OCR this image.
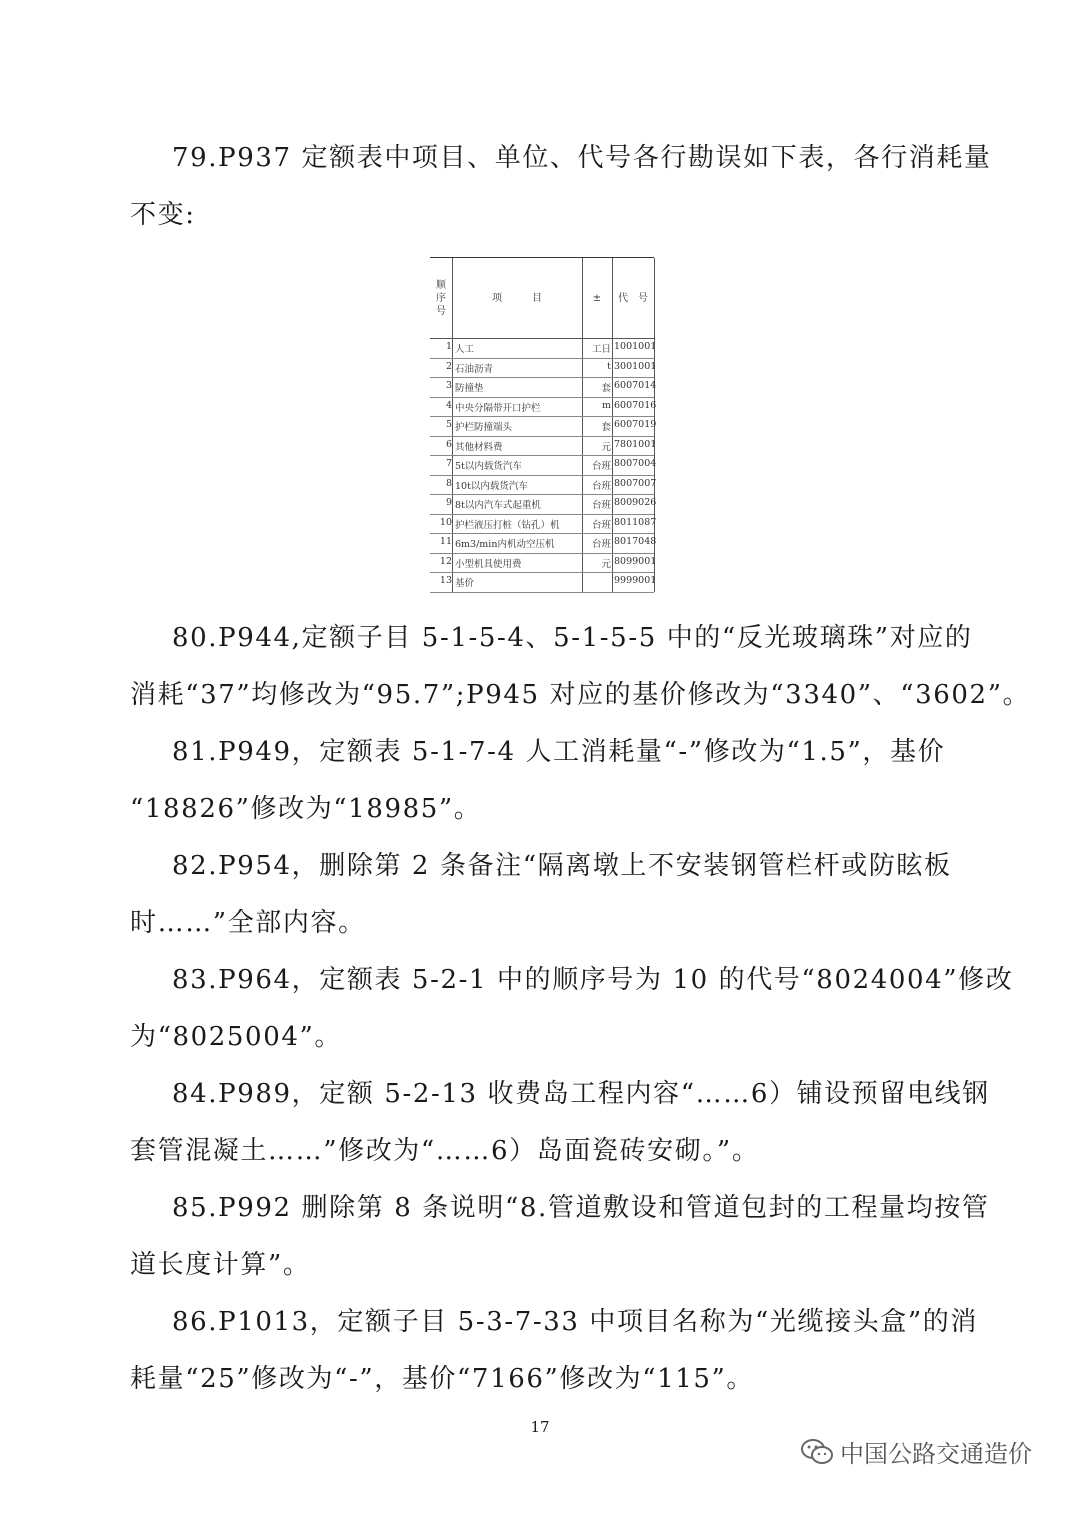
79.P937 定额表中项目、单位、代号各行勘误如下表，各行消耗量
不变:
顺
序
号
项　　　目	±	代　号
1 人工	工日 1001001
2 石油沥青	t 3001001
3 防撞垫	套 6007014
4 中央分隔带开口护栏	m 6007016
5 护栏防撞端头	套 6007019
6 其他材料费	元 7801001
7 5t以内载货汽车	台班 8007004
8 10t以内载货汽车	台班 8007007
9 8t以内汽车式起重机	台班 8009026
10 护栏液压打桩（钻孔）机	台班 8011087
11 6m3/min内机动空压机	台班 8017048
12 小型机具使用费	元 8099001
13 基价	9999001
80.P944,定额子目 5-1-5-4、5-1-5-5 中的“反光玻璃珠”对应的
消耗“37”均修改为“95.7”;P945 对应的基价修改为“3340”、“3602”。
81.P949，定额表 5-1-7-4 人工消耗量“-”修改为“1.5”，基价
“18826”修改为“18985”。
82.P954，删除第 2 条备注“隔离墩上不安装钢管栏杆或防眩板
时……”全部内容。
83.P964，定额表 5-2-1 中的顺序号为 10 的代号“8024004”修改
为“8025004”。
84.P989，定额 5-2-13 收费岛工程内容“……6）铺设预留电线钢
套管混凝土……”修改为“……6）岛面瓷砖安砌。”。
85.P992 删除第 8 条说明“8.管道敷设和管道包封的工程量均按管
道长度计算”。
86.P1013，定额子目 5-3-7-33 中项目名称为“光缆接头盒”的消
耗量“25”修改为“-”，基价“7166”修改为“115”。
17
中国公路交通造价
